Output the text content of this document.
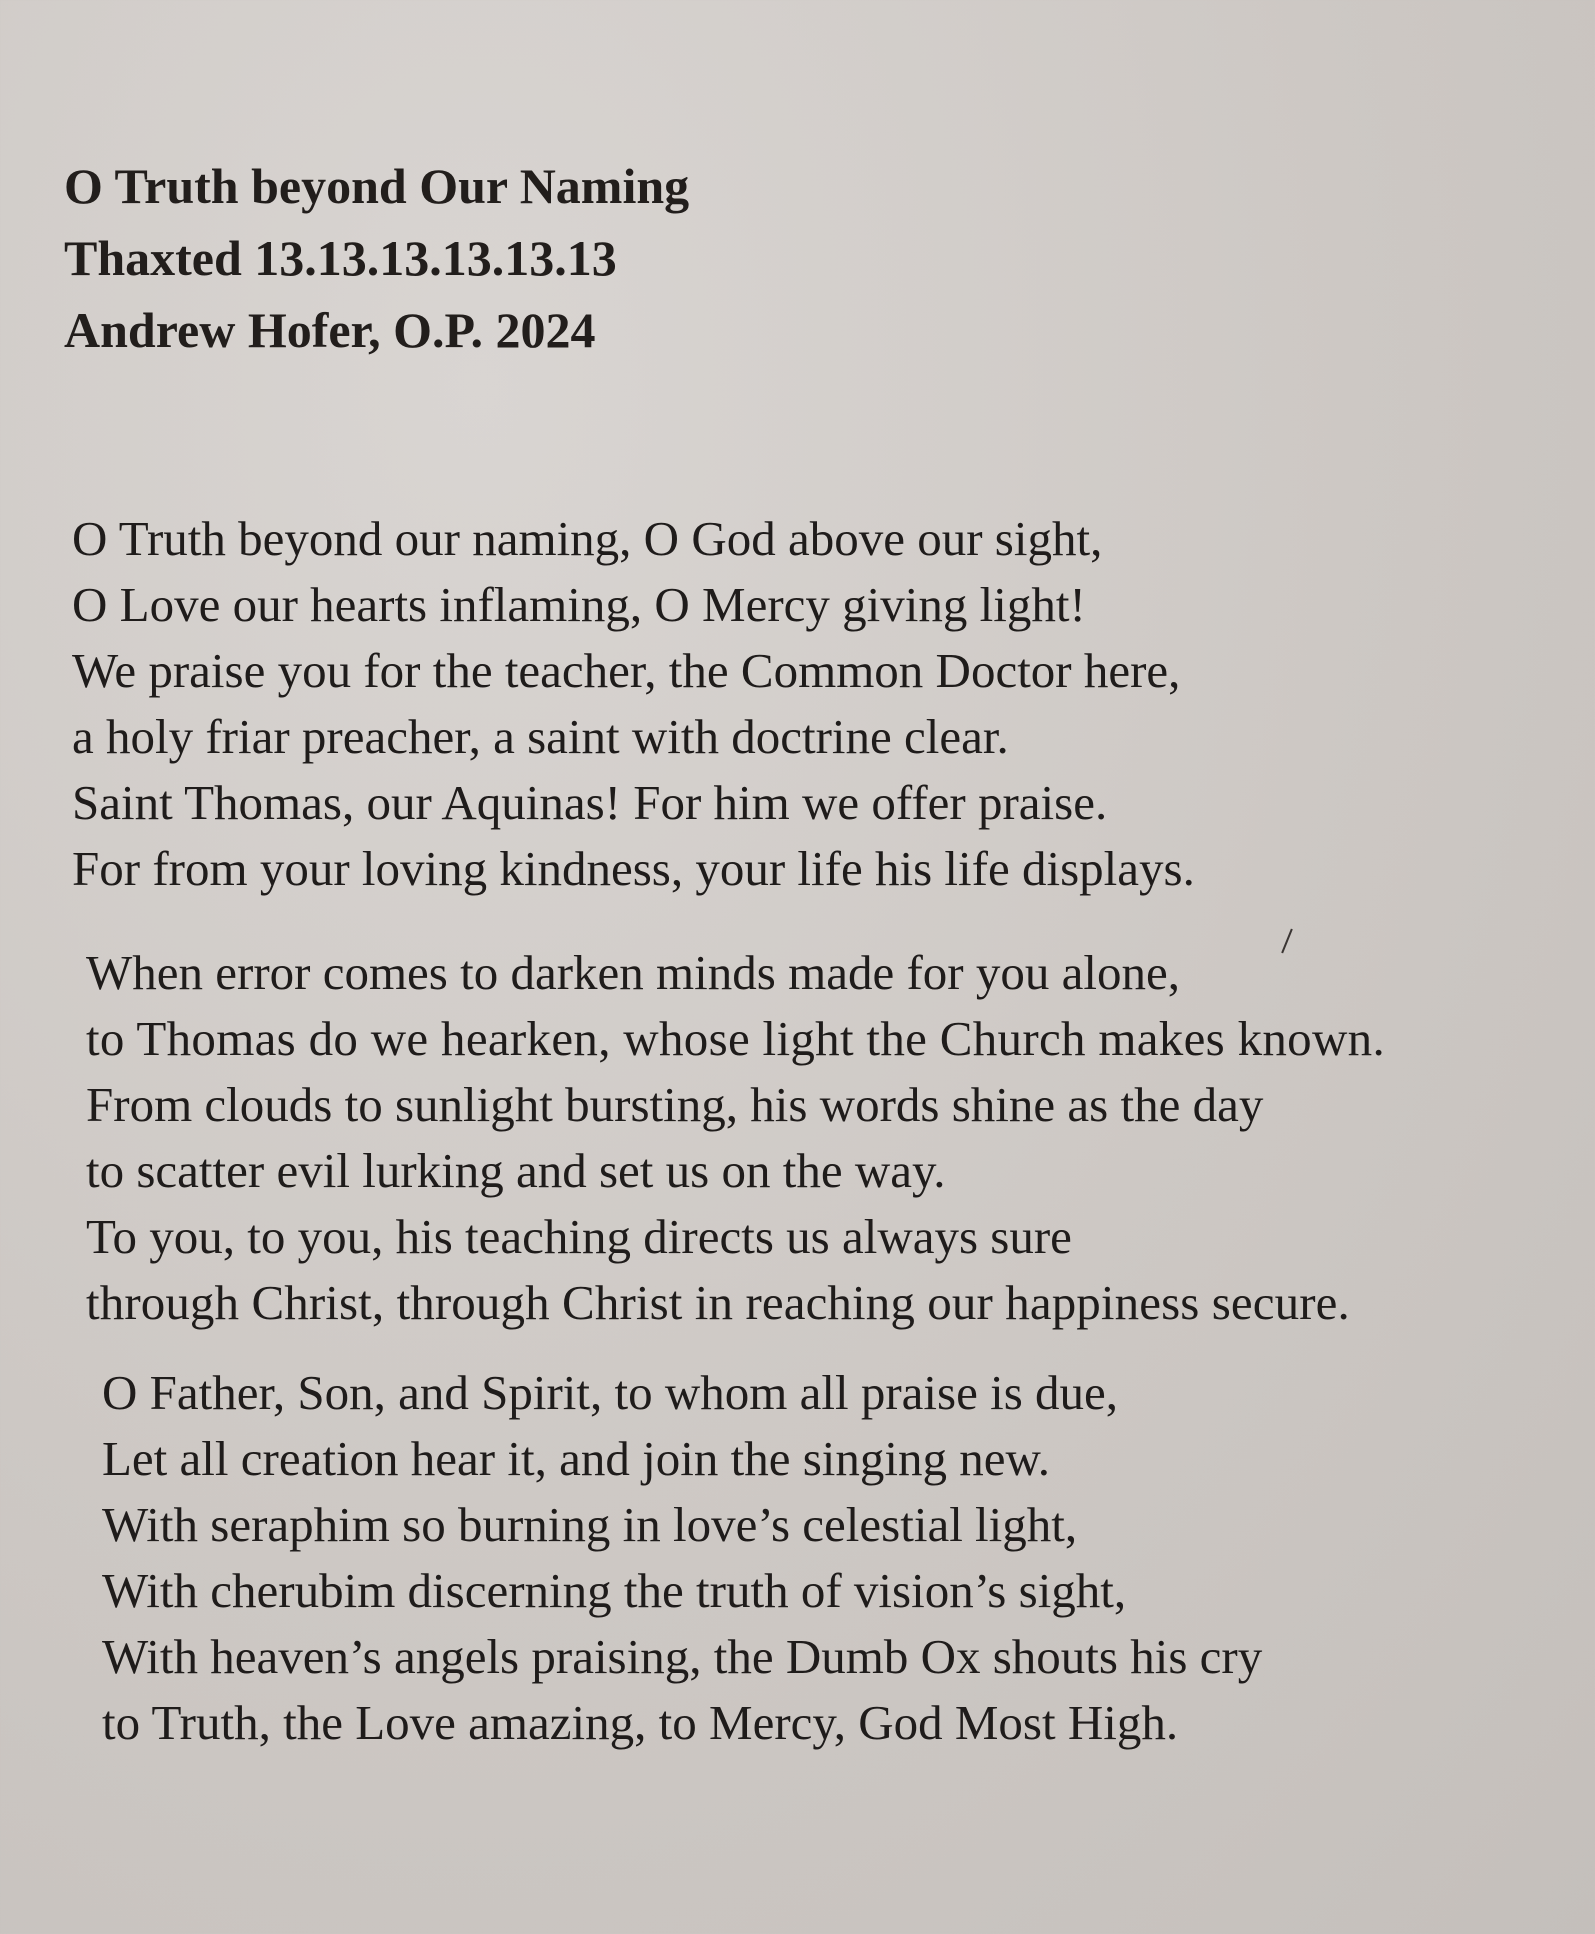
O Truth beyond Our Naming
Thaxted 13.13.13.13.13.13
Andrew Hofer, O.P. 2024
O Truth beyond our naming, O God above our sight,
O Love our hearts inflaming, O Mercy giving light!
We praise you for the teacher, the Common Doctor here,
a holy friar preacher, a saint with doctrine clear.
Saint Thomas, our Aquinas! For him we offer praise.
For from your loving kindness, your life his life displays.
When error comes to darken minds made for you alone,
to Thomas do we hearken, whose light the Church makes known.
From clouds to sunlight bursting, his words shine as the day
to scatter evil lurking and set us on the way.
To you, to you, his teaching directs us always sure
through Christ, through Christ in reaching our happiness secure.
O Father, Son, and Spirit, to whom all praise is due,
Let all creation hear it, and join the singing new.
With seraphim so burning in love’s celestial light,
With cherubim discerning the truth of vision’s sight,
With heaven’s angels praising, the Dumb Ox shouts his cry
to Truth, the Love amazing, to Mercy, God Most High.
